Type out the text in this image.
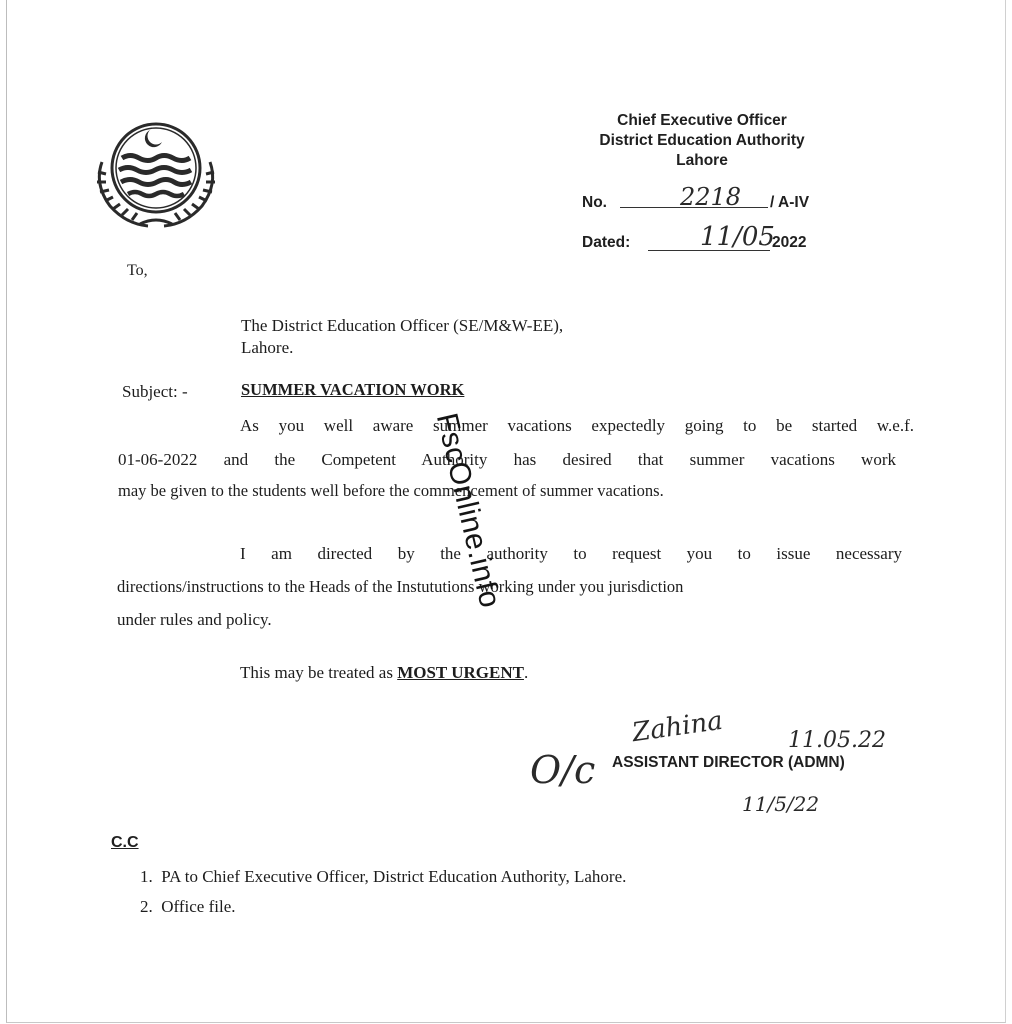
Chief Executive Officer
District Education Authority
Lahore
No.	2218 / A-IV
Dated:	11/05
2022
To,
The District Education Officer (SE/M&W-EE),
Lahore.
Subject: -	SUMMER VACATION WORK
As you well aware summer vacations expectedly going to be started w.e.f.
01-06-2022 and the Competent Authority has desired that summer vacations work
may be given to the students well before the commencement of summer vacations.
I am directed by the authority to request you to issue necessary
directions/instructions to the Heads of the Instututions working under you jurisdiction
under rules and policy.
This may be treated as MOST URGENT.
Zahina	11.05.22
ASSISTANT DIRECTOR (ADMN)
O/c
11/5/22
C.C
1. PA to Chief Executive Officer, District Education Authority, Lahore.
2. Office file.
FscOnline.info
